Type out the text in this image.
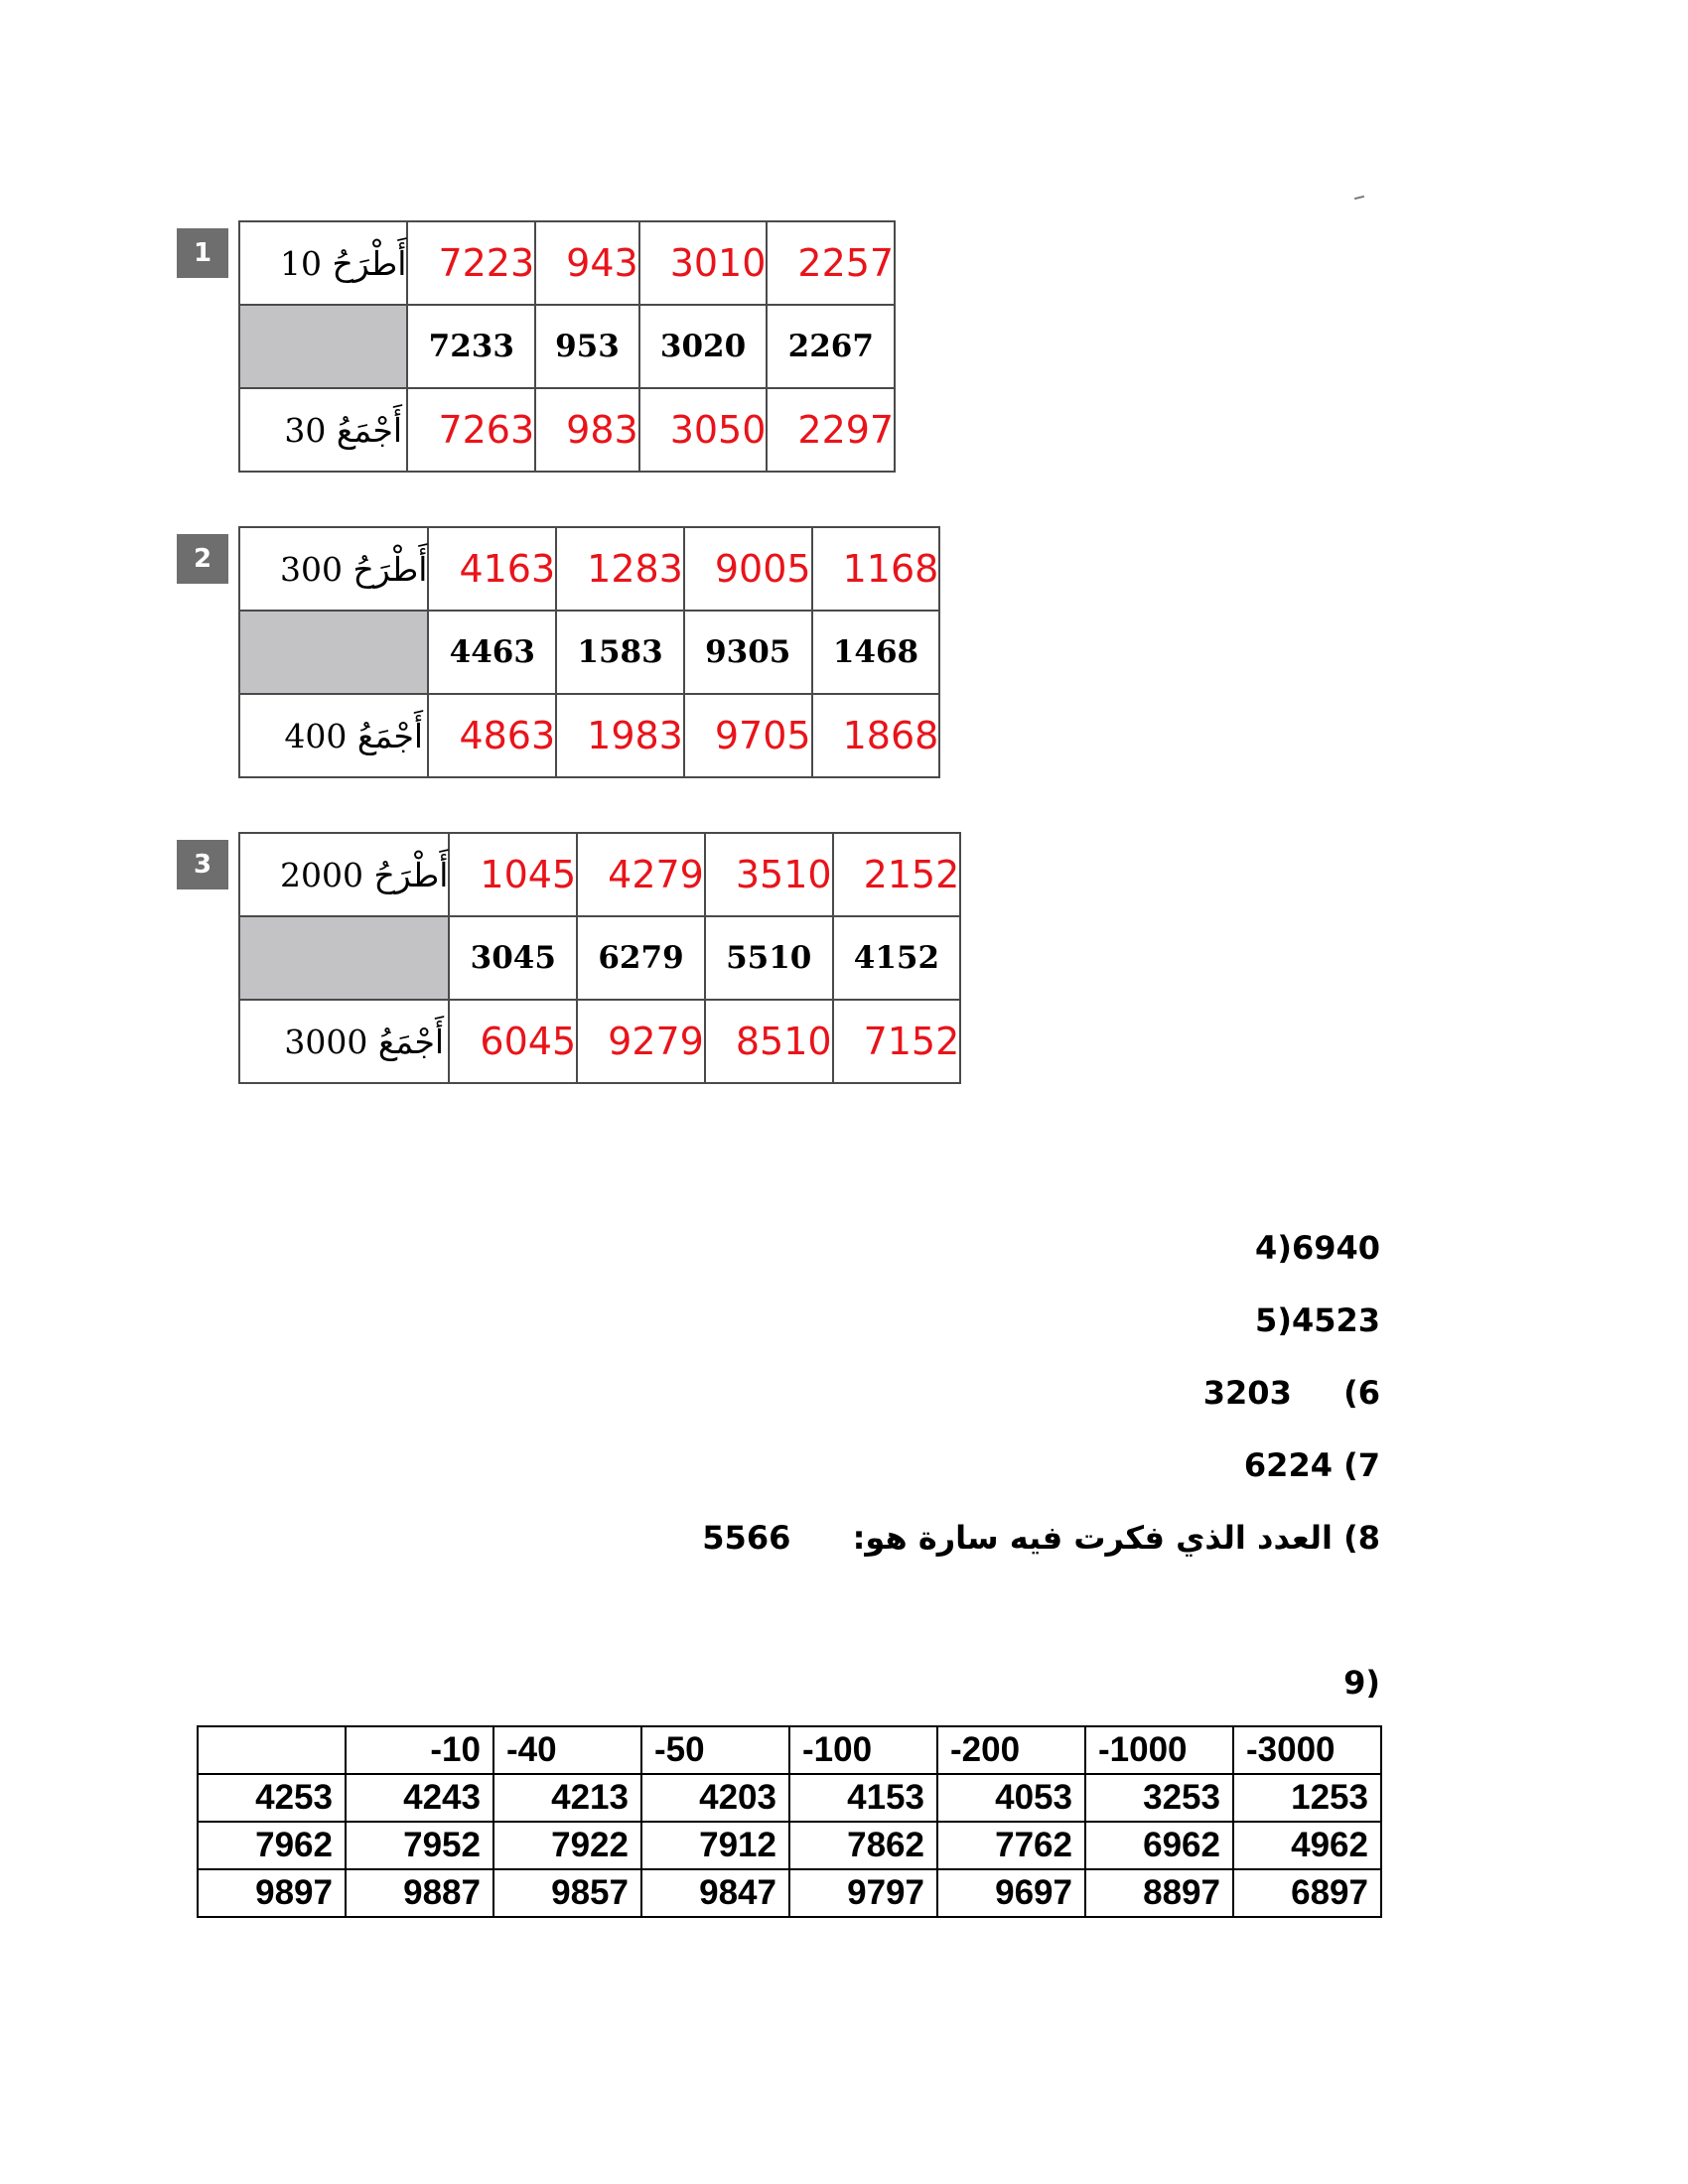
1	أَطْرَحُ 10	7223	943	3010	2257
	7233	953	3020	2267
أَجْمَعُ 30	7263	983	3050	2297
2	أَطْرَحُ 300	4163	1283	9005	1168
	4463	1583	9305	1468
أَجْمَعُ 400	4863	1983	9705	1868
3	أَطْرَحُ 2000	1045	4279	3510	2152
	3045	6279	5510	4152
أَجْمَعُ 3000	6045	9279	8510	7152
6940(4
4523(5
6)  3203
7) 6224
8) العدد الذي فكرت فيه سارة هو:  5566
(9
	-10	-40	-50	-100	-200	-1000	-3000
4253	4243	4213	4203	4153	4053	3253	1253
7962	7952	7922	7912	7862	7762	6962	4962
9897	9887	9857	9847	9797	9697	8897	6897
